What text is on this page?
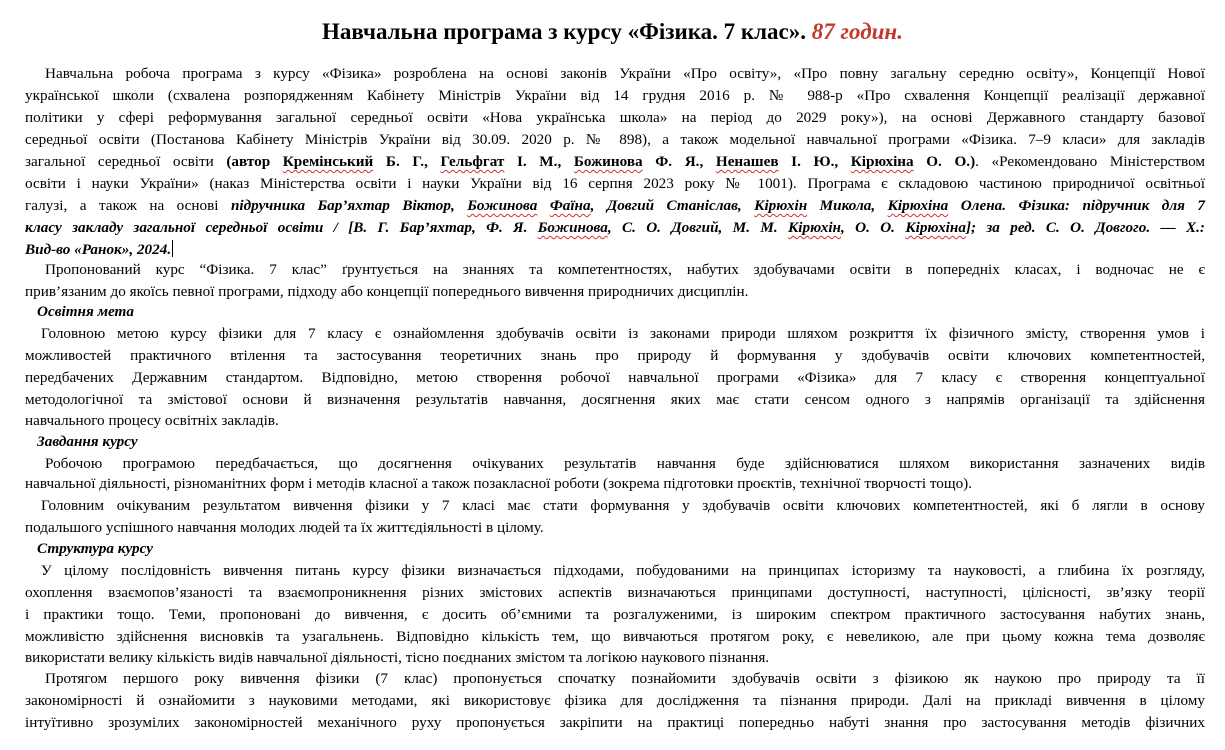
Навчальна програма з курсу «Фізика. 7 клас». 87 годин.
Навчальна робоча програма з курсу «Фізика» розроблена на основі законів України «Про освіту», «Про повну загальну середню освіту», Концепції Нової
української школи (схвалена розпорядженням Кабінету Міністрів України від 14 грудня 2016 р. № 988-р «Про схвалення Концепції реалізації державної
політики у сфері реформування загальної середньої освіти «Нова українська школа» на період до 2029 року»), на основі Державного стандарту базової
середньої освіти (Постанова Кабінету Міністрів України від 30.09. 2020 р. № 898), а також модельної навчальної програми «Фізика. 7–9 класи» для закладів
загальної середньої освіти (автор Кремінський Б. Г., Гельфгат І. М., Божинова Ф. Я., Ненашев І. Ю., Кірюхіна О. О.). «Рекомендовано Міністерством
освіти і науки України» (наказ Міністерства освіти і науки України від 16 серпня 2023 року № 1001). Програма є складовою частиною природничої освітньої
галузі, а також на основі підручника Бар’яхтар Віктор, Божинова Фаїна, Довгий Станіслав, Кірюхін Микола, Кірюхіна Олена. Фізика: підручник для 7
класу закладу загальної середньої освіти / [В. Г. Бар’яхтар, Ф. Я. Божинова, С. О. Довгий, М. М. Кірюхін, О. О. Кірюхіна]; за ред. С. О. Довгого. — Х.:
Вид-во «Ранок», 2024.
Пропонований курс “Фізика. 7 клас” ґрунтується на знаннях та компетентностях, набутих здобувачами освіти в попередніх класах, і водночас не є
прив’язаним до якоїсь певної програми, підходу або концепції попереднього вивчення природничих дисциплін.
Освітня мета
Головною метою курсу фізики для 7 класу є ознайомлення здобувачів освіти із законами природи шляхом розкриття їх фізичного змісту, створення умов і
можливостей практичного втілення та застосування теоретичних знань про природу й формування у здобувачів освіти ключових компетентностей,
передбачених Державним стандартом. Відповідно, метою створення робочої навчальної програми «Фізика» для 7 класу є створення концептуальної
методологічної та змістової основи й визначення результатів навчання, досягнення яких має стати сенсом одного з напрямів організації та здійснення
навчального процесу освітніх закладів.
Завдання курсу
Робочою програмою передбачається, що досягнення очікуваних результатів навчання буде здійснюватися шляхом використання зазначених видів
навчальної діяльності, різноманітних форм і методів класної а також позакласної роботи (зокрема підготовки проєктів, технічної творчості тощо).
Головним очікуваним результатом вивчення фізики у 7 класі має стати формування у здобувачів освіти ключових компетентностей, які б лягли в основу
подальшого успішного навчання молодих людей та їх життєдіяльності в цілому.
Структура курсу
У цілому послідовність вивчення питань курсу фізики визначається підходами, побудованими на принципах історизму та науковості, а глибина їх розгляду,
охоплення взаємопов’язаності та взаємопроникнення різних змістових аспектів визначаються принципами доступності, наступності, цілісності, зв’язку теорії
і практики тощо. Теми, пропоновані до вивчення, є досить об’ємними та розгалуженими, із широким спектром практичного застосування набутих знань,
можливістю здійснення висновків та узагальнень. Відповідно кількість тем, що вивчаються протягом року, є невеликою, але при цьому кожна тема дозволяє
використати велику кількість видів навчальної діяльності, тісно поєднаних змістом та логікою наукового пізнання.
Протягом першого року вивчення фізики (7 клас) пропонується спочатку познайомити здобувачів освіти з фізикою як наукою про природу та її
закономірності й ознайомити з науковими методами, які використовує фізика для дослідження та пізнання природи. Далі на прикладі вивчення в цілому
інтуїтивно зрозумілих закономірностей механічного руху пропонується закріпити на практиці попередньо набуті знання про застосування методів фізичних
